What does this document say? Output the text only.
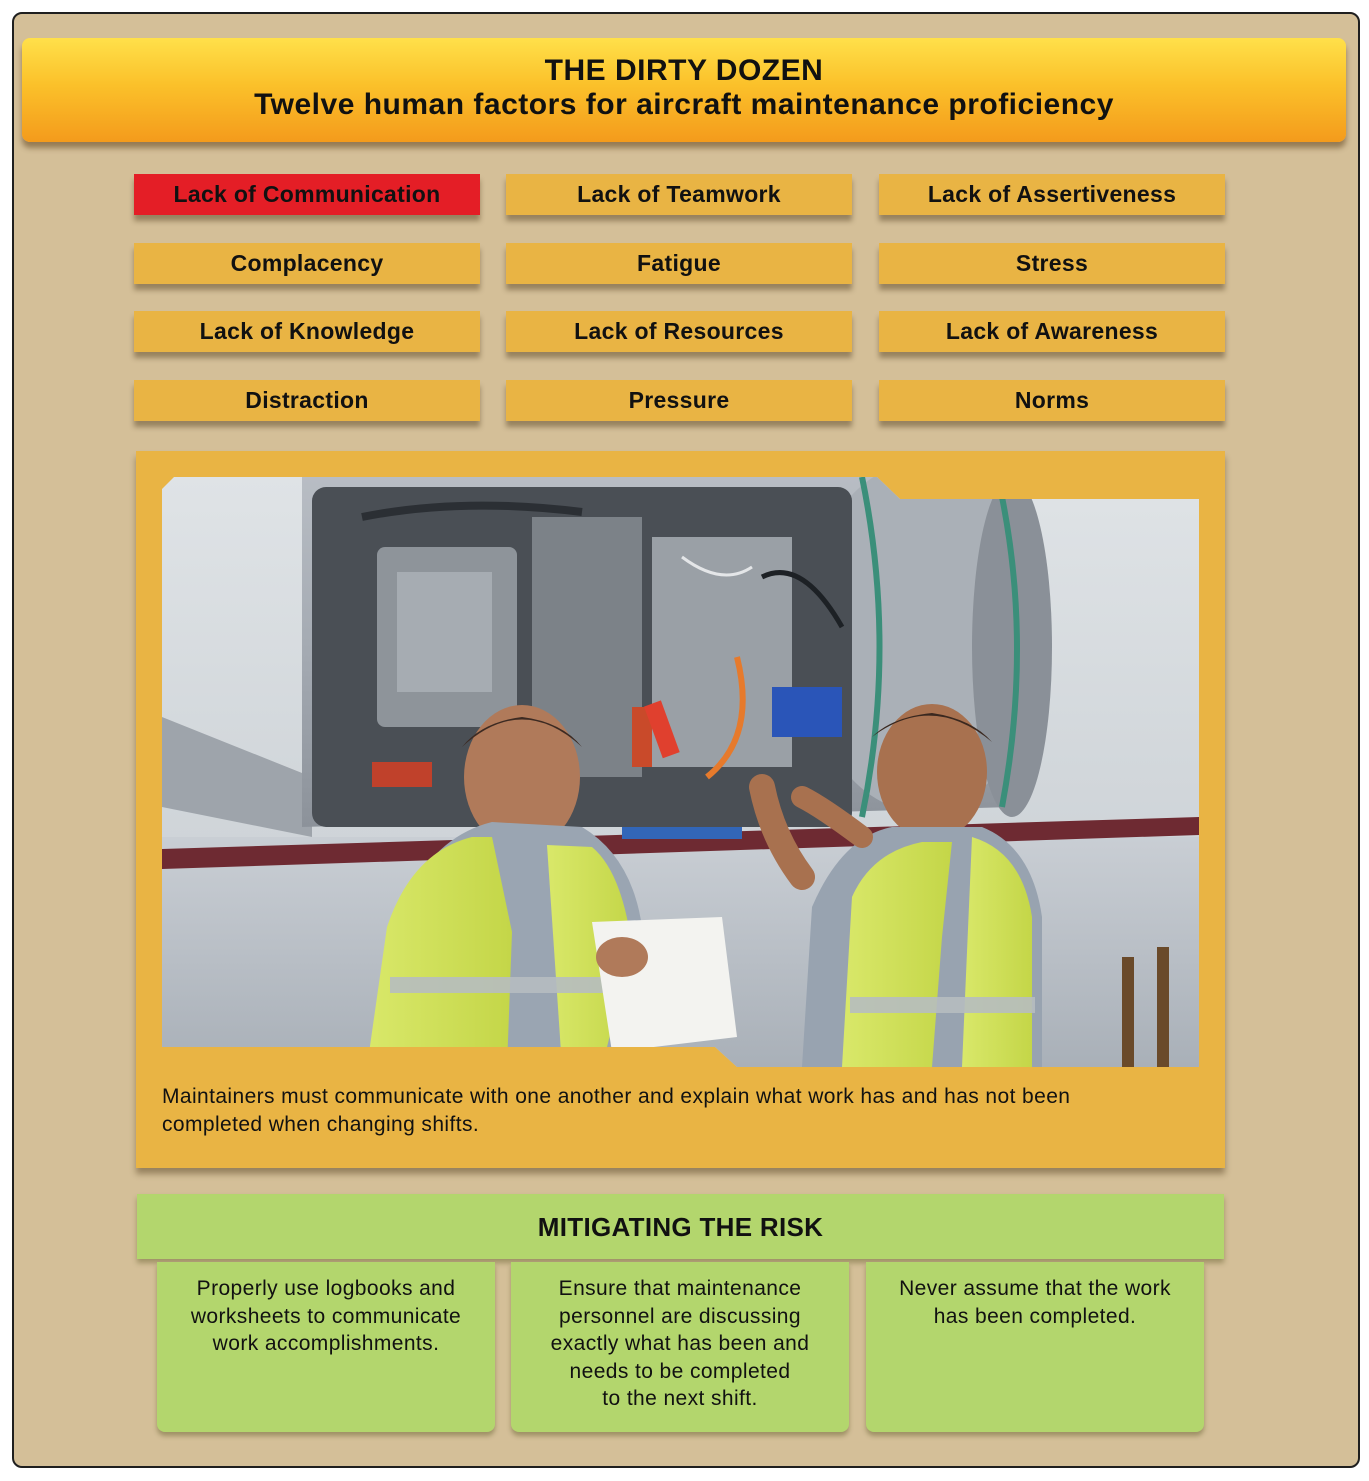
THE DIRTY DOZEN
Twelve human factors for aircraft maintenance proficiency
Lack of Communication	Lack of Teamwork	Lack of Assertiveness
Complacency	Fatigue	Stress
Lack of Knowledge	Lack of Resources	Lack of Awareness
Distraction	Pressure	Norms
Maintainers must communicate with one another and explain what work has and has not been
completed when changing shifts.
MITIGATING THE RISK
Properly use logbooks and
worksheets to communicate
work accomplishments.
Ensure that maintenance
personnel are discussing
exactly what has been and
needs to be completed
to the next shift.
Never assume that the work
has been completed.
